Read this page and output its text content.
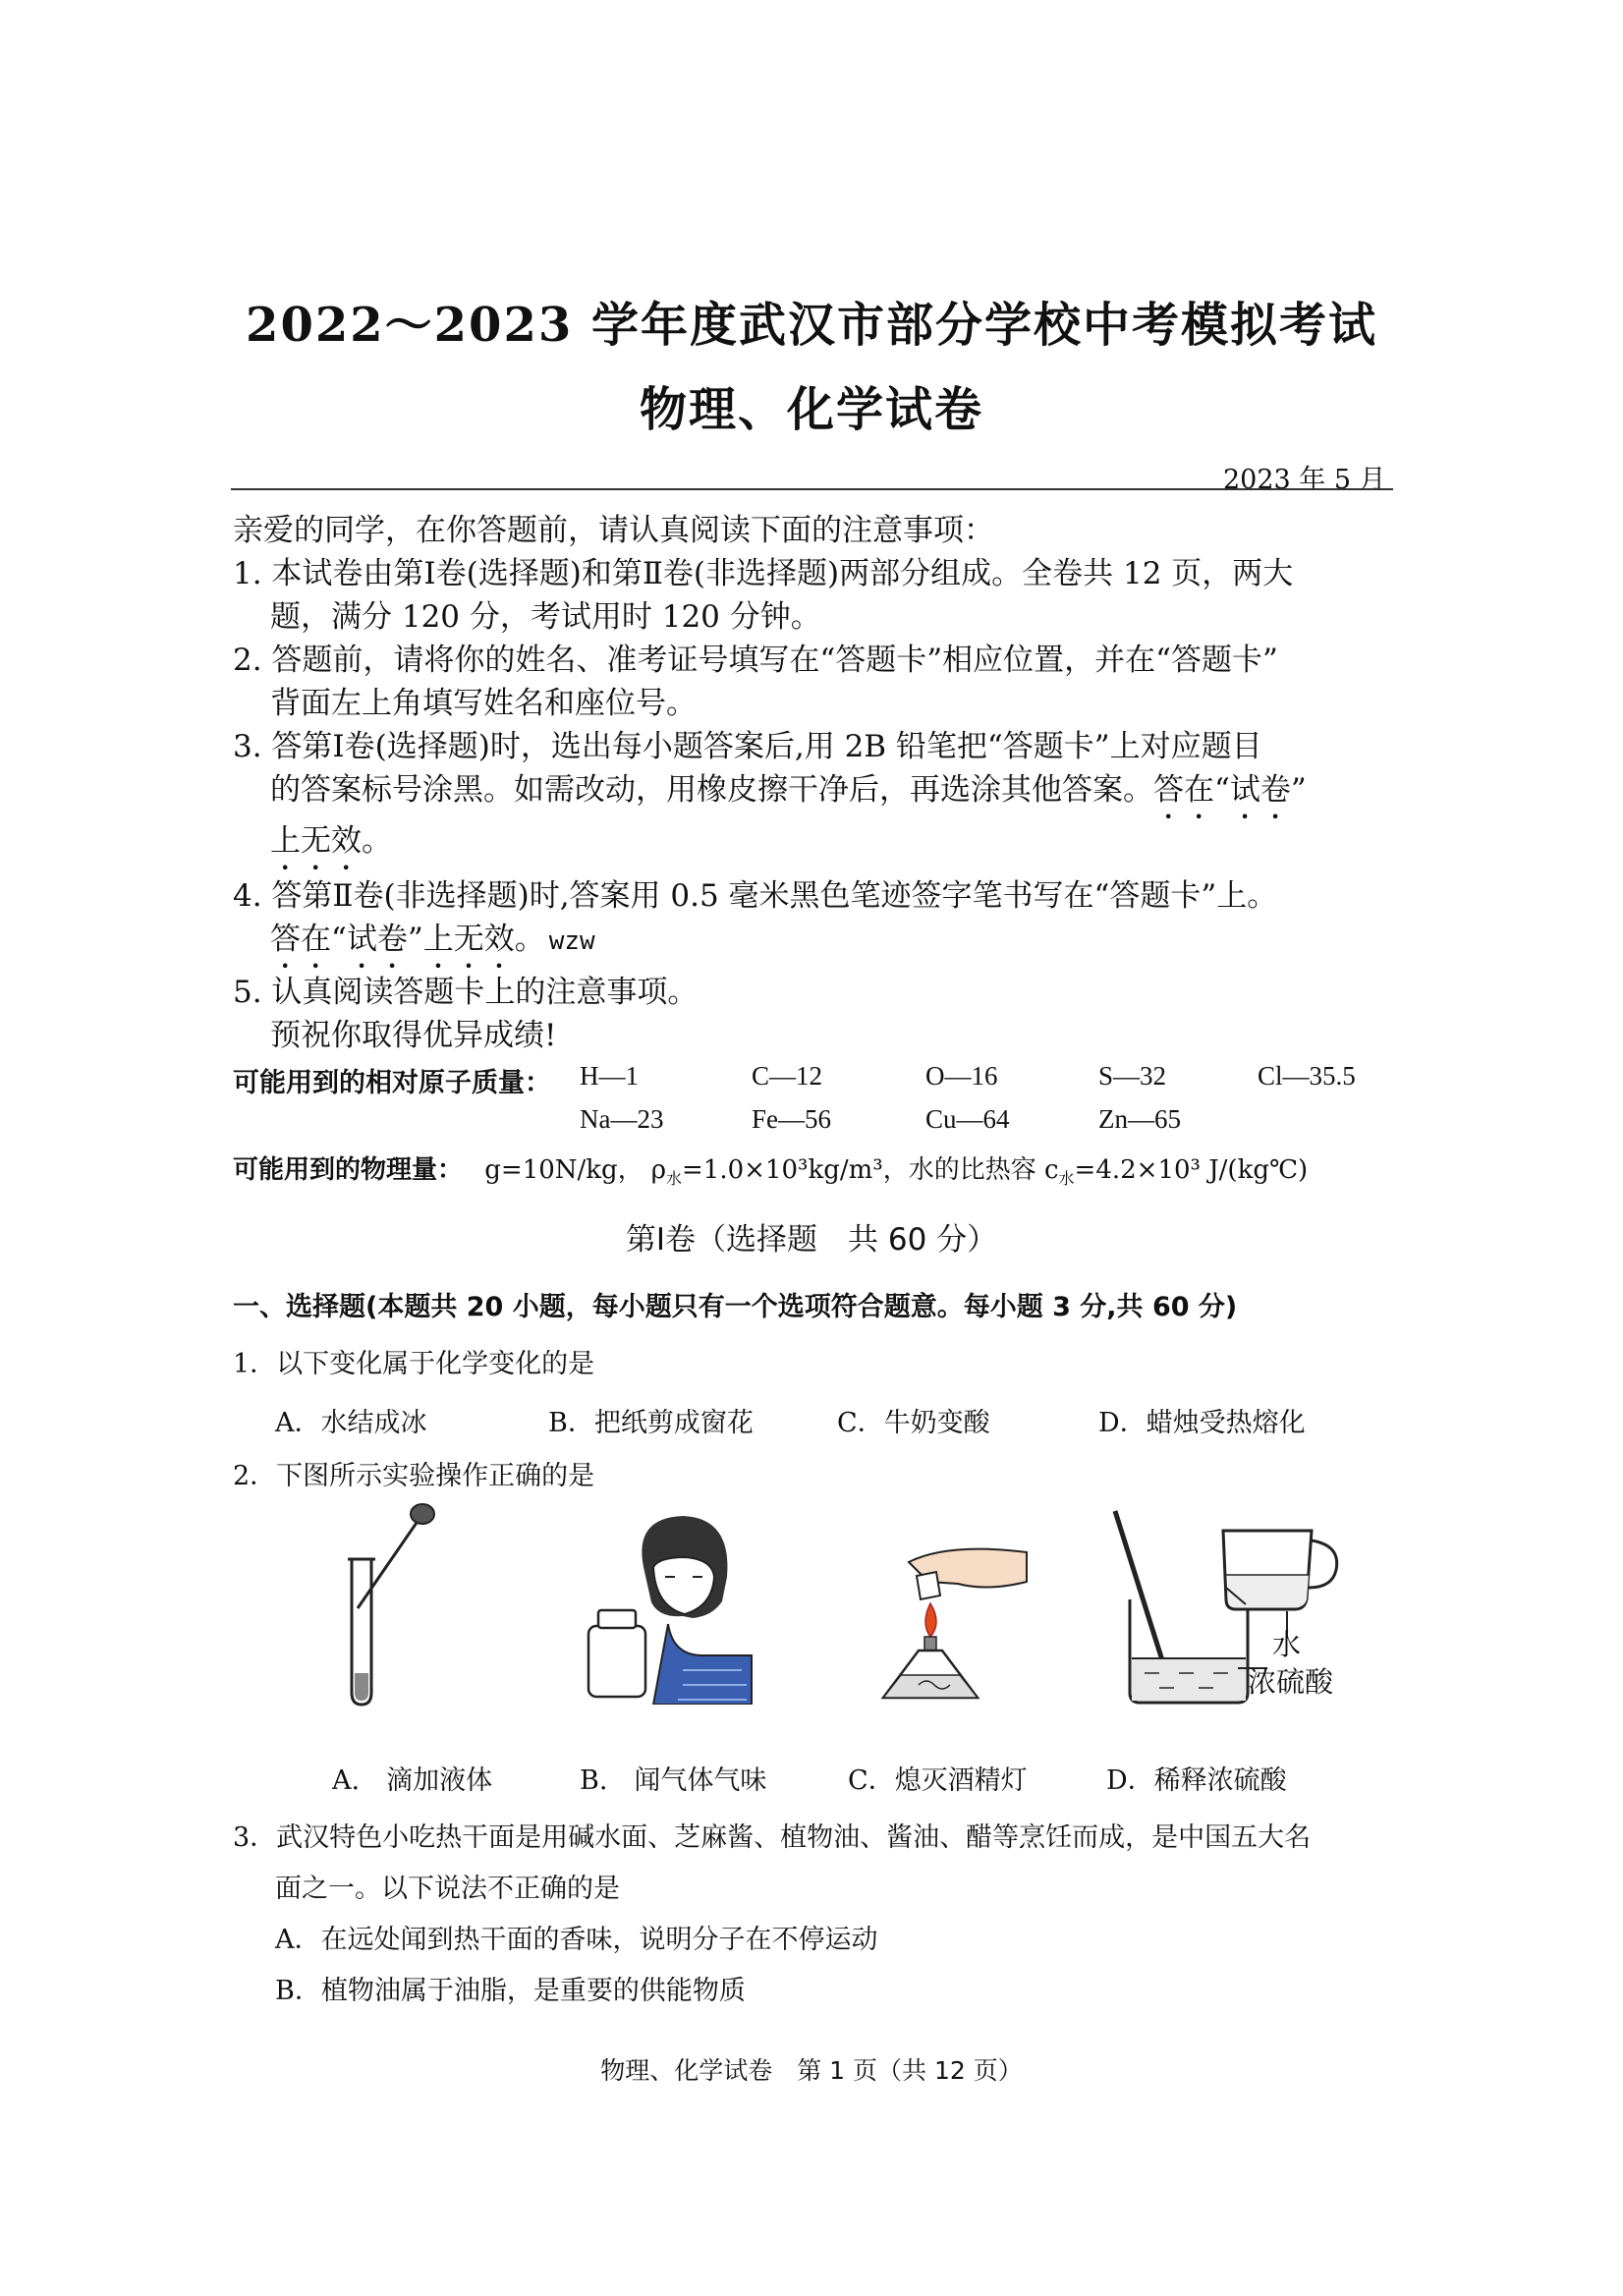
2022～2023 学年度武汉市部分学校中考模拟考试
物理、化学试卷
2023 年 5 月
亲爱的同学，在你答题前，请认真阅读下面的注意事项：
1. 本试卷由第Ⅰ卷(选择题)和第Ⅱ卷(非选择题)两部分组成。全卷共 12 页，两大
题，满分 120 分，考试用时 120 分钟。
2. 答题前，请将你的姓名、准考证号填写在“答题卡”相应位置，并在“答题卡”
背面左上角填写姓名和座位号。
3. 答第Ⅰ卷(选择题)时，选出每小题答案后,用 2B 铅笔把“答题卡”上对应题目
的答案标号涂黑。如需改动，用橡皮擦干净后，再选涂其他答案。答在“试卷”
上无效。
4. 答第Ⅱ卷(非选择题)时,答案用 0.5 毫米黑色笔迹签字笔书写在“答题卡”上。
答在“试卷”上无效。 wzw
5. 认真阅读答题卡上的注意事项。
预祝你取得优异成绩!
可能用到的相对原子质量： H—1	C—12	O—16	S—32	Cl—35.5
Na—23	Fe—56	Cu—64	Zn—65
可能用到的物理量： g=10N/kg， $\rho_水=1.0\times 10^3kg/m^3$，水的比热容 $c_水=4.2\times 10^3$ J/(kg℃)
第Ⅰ卷（选择题　共 60 分）
一、选择题(本题共 20 小题，每小题只有一个选项符合题意。每小题 3 分,共 60 分)
1．以下变化属于化学变化的是
A．水结成冰	B．把纸剪成窗花	C．牛奶变酸	D．蜡烛受热熔化
2．下图所示实验操作正确的是
水
浓硫酸
A.　滴加液体	B.　闻气体气味	C．熄灭酒精灯	D．稀释浓硫酸
3．武汉特色小吃热干面是用碱水面、芝麻酱、植物油、酱油、醋等烹饪而成，是中国五大名
面之一。以下说法不正确的是
A．在远处闻到热干面的香味，说明分子在不停运动
B．植物油属于油脂，是重要的供能物质
物理、化学试卷　第 1 页（共 12 页）
